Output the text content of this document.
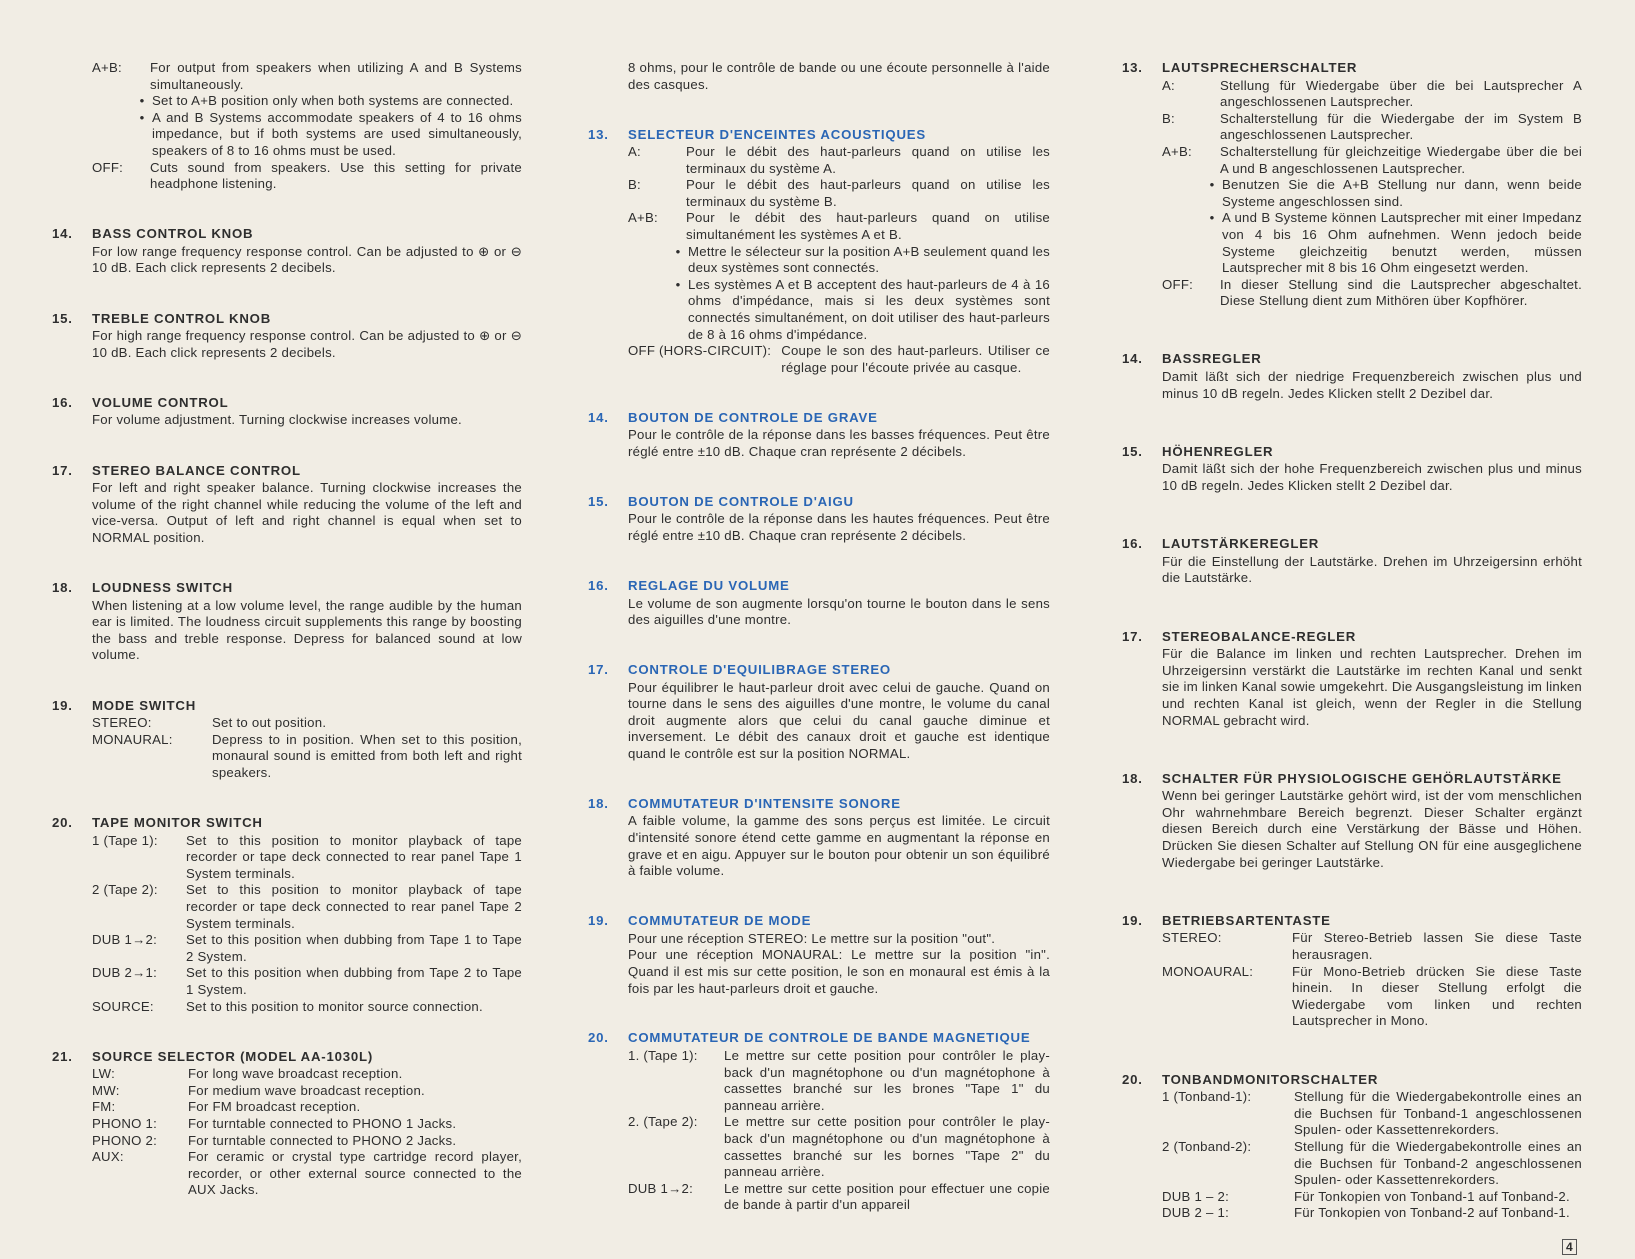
A+B:	For output from speakers when utilizing A and B Systems simultaneously.
• Set to A+B position only when both systems are connected.
• A and B Systems accommodate speakers of 4 to 16 ohms impedance, but if both systems are used simultaneously, speakers of 8 to 16 ohms must be used.
OFF:	Cuts sound from speakers. Use this setting for private headphone listening.
14.	BASS CONTROL KNOB
For low range frequency response control. Can be adjusted to ⊕ or ⊖ 10 dB. Each click represents 2 decibels.
15.	TREBLE CONTROL KNOB
For high range frequency response control. Can be adjusted to ⊕ or ⊖ 10 dB. Each click represents 2 decibels.
16.	VOLUME CONTROL
For volume adjustment. Turning clockwise increases volume.
17.	STEREO BALANCE CONTROL
For left and right speaker balance. Turning clockwise increases the volume of the right channel while reducing the volume of the left and vice-versa. Output of left and right channel is equal when set to NORMAL position.
18.	LOUDNESS SWITCH
When listening at a low volume level, the range audible by the human ear is limited. The loudness circuit supplements this range by boosting the bass and treble response. Depress for balanced sound at low volume.
19.	MODE SWITCH
STEREO:	Set to out position.
MONAURAL:	Depress to in position. When set to this position, monaural sound is emitted from both left and right speakers.
20.	TAPE MONITOR SWITCH
1 (Tape 1):	Set to this position to monitor playback of tape recorder or tape deck connected to rear panel Tape 1 System terminals.
2 (Tape 2):	Set to this position to monitor playback of tape recorder or tape deck connected to rear panel Tape 2 System terminals.
DUB 1→2:	Set to this position when dubbing from Tape 1 to Tape 2 System.
DUB 2→1:	Set to this position when dubbing from Tape 2 to Tape 1 System.
SOURCE:	Set to this position to monitor source connection.
21.	SOURCE SELECTOR (MODEL AA-1030L)
LW:	For long wave broadcast reception.
MW:	For medium wave broadcast reception.
FM:	For FM broadcast reception.
PHONO 1:	For turntable connected to PHONO 1 Jacks.
PHONO 2:	For turntable connected to PHONO 2 Jacks.
AUX:	For ceramic or crystal type cartridge record player, recorder, or other external source connected to the AUX Jacks.
8 ohms, pour le contrôle de bande ou une écoute personnelle à l'aide des casques.
13.	SELECTEUR D'ENCEINTES ACOUSTIQUES
A:	Pour le débit des haut-parleurs quand on utilise les terminaux du système A.
B:	Pour le débit des haut-parleurs quand on utilise les terminaux du système B.
A+B:	Pour le débit des haut-parleurs quand on utilise simultanément les systèmes A et B.
• Mettre le sélecteur sur la position A+B seulement quand les deux systèmes sont connectés.
• Les systèmes A et B acceptent des haut-parleurs de 4 à 16 ohms d'impédance, mais si les deux systèmes sont connectés simultanément, on doit utiliser des haut-parleurs de 8 à 16 ohms d'impédance.
OFF (HORS-CIRCUIT): Coupe le son des haut-parleurs. Utiliser ce réglage pour l'écoute privée au casque.
14.	BOUTON DE CONTROLE DE GRAVE
Pour le contrôle de la réponse dans les basses fréquences. Peut être réglé entre ±10 dB. Chaque cran représente 2 décibels.
15.	BOUTON DE CONTROLE D'AIGU
Pour le contrôle de la réponse dans les hautes fréquences. Peut être réglé entre ±10 dB. Chaque cran représente 2 décibels.
16.	REGLAGE DU VOLUME
Le volume de son augmente lorsqu'on tourne le bouton dans le sens des aiguilles d'une montre.
17.	CONTROLE D'EQUILIBRAGE STEREO
Pour équilibrer le haut-parleur droit avec celui de gauche. Quand on tourne dans le sens des aiguilles d'une montre, le volume du canal droit augmente alors que celui du canal gauche diminue et inversement. Le débit des canaux droit et gauche est identique quand le contrôle est sur la position NORMAL.
18.	COMMUTATEUR D'INTENSITE SONORE
A faible volume, la gamme des sons perçus est limitée. Le circuit d'intensité sonore étend cette gamme en augmentant la réponse en grave et en aigu. Appuyer sur le bouton pour obtenir un son équilibré à faible volume.
19.	COMMUTATEUR DE MODE
Pour une réception STEREO: Le mettre sur la position "out".
Pour une réception MONAURAL: Le mettre sur la position "in". Quand il est mis sur cette position, le son en monaural est émis à la fois par les haut-parleurs droit et gauche.
20.	COMMUTATEUR DE CONTROLE DE BANDE MAGNETIQUE
1. (Tape 1):	Le mettre sur cette position pour contrôler le play-back d'un magnétophone ou d'un magnétophone à cassettes branché sur les brones "Tape 1" du panneau arrière.
2. (Tape 2):	Le mettre sur cette position pour contrôler le play-back d'un magnétophone ou d'un magnétophone à cassettes branché sur les bornes "Tape 2" du panneau arrière.
DUB 1→2:	Le mettre sur cette position pour effectuer une copie de bande à partir d'un appareil
13.	LAUTSPRECHERSCHALTER
A:	Stellung für Wiedergabe über die bei Lautsprecher A angeschlossenen Lautsprecher.
B:	Schalterstellung für die Wiedergabe der im System B angeschlossenen Lautsprecher.
A+B:	Schalterstellung für gleichzeitige Wiedergabe über die bei A und B angeschlossenen Lautsprecher.
• Benutzen Sie die A+B Stellung nur dann, wenn beide Systeme angeschlossen sind.
• A und B Systeme können Lautsprecher mit einer Impedanz von 4 bis 16 Ohm aufnehmen. Wenn jedoch beide Systeme gleichzeitig benutzt werden, müssen Lautsprecher mit 8 bis 16 Ohm eingesetzt werden.
OFF:	In dieser Stellung sind die Lautsprecher abgeschaltet. Diese Stellung dient zum Mithören über Kopfhörer.
14.	BASSREGLER
Damit läßt sich der niedrige Frequenzbereich zwischen plus und minus 10 dB regeln. Jedes Klicken stellt 2 Dezibel dar.
15.	HÖHENREGLER
Damit läßt sich der hohe Frequenzbereich zwischen plus und minus 10 dB regeln. Jedes Klicken stellt 2 Dezibel dar.
16.	LAUTSTÄRKEREGLER
Für die Einstellung der Lautstärke. Drehen im Uhrzeigersinn erhöht die Lautstärke.
17.	STEREOBALANCE-REGLER
Für die Balance im linken und rechten Lautsprecher. Drehen im Uhrzeigersinn verstärkt die Lautstärke im rechten Kanal und senkt sie im linken Kanal sowie umgekehrt. Die Ausgangsleistung im linken und rechten Kanal ist gleich, wenn der Regler in die Stellung NORMAL gebracht wird.
18.	SCHALTER FÜR PHYSIOLOGISCHE GEHÖRLAUTSTÄRKE
Wenn bei geringer Lautstärke gehört wird, ist der vom menschlichen Ohr wahrnehmbare Bereich begrenzt. Dieser Schalter ergänzt diesen Bereich durch eine Verstärkung der Bässe und Höhen. Drücken Sie diesen Schalter auf Stellung ON für eine ausgeglichene Wiedergabe bei geringer Lautstärke.
19.	BETRIEBSARTENTASTE
STEREO:	Für Stereo-Betrieb lassen Sie diese Taste herausragen.
MONOAURAL:	Für Mono-Betrieb drücken Sie diese Taste hinein. In dieser Stellung erfolgt die Wiedergabe vom linken und rechten Lautsprecher in Mono.
20.	TONBANDMONITORSCHALTER
1 (Tonband-1):	Stellung für die Wiedergabekontrolle eines an die Buchsen für Tonband-1 angeschlossenen Spulen- oder Kassettenrekorders.
2 (Tonband-2):	Stellung für die Wiedergabekontrolle eines an die Buchsen für Tonband-2 angeschlossenen Spulen- oder Kassettenrekorders.
DUB 1 – 2:	Für Tonkopien von Tonband-1 auf Tonband-2.
DUB 2 – 1:	Für Tonkopien von Tonband-2 auf Tonband-1.
4
